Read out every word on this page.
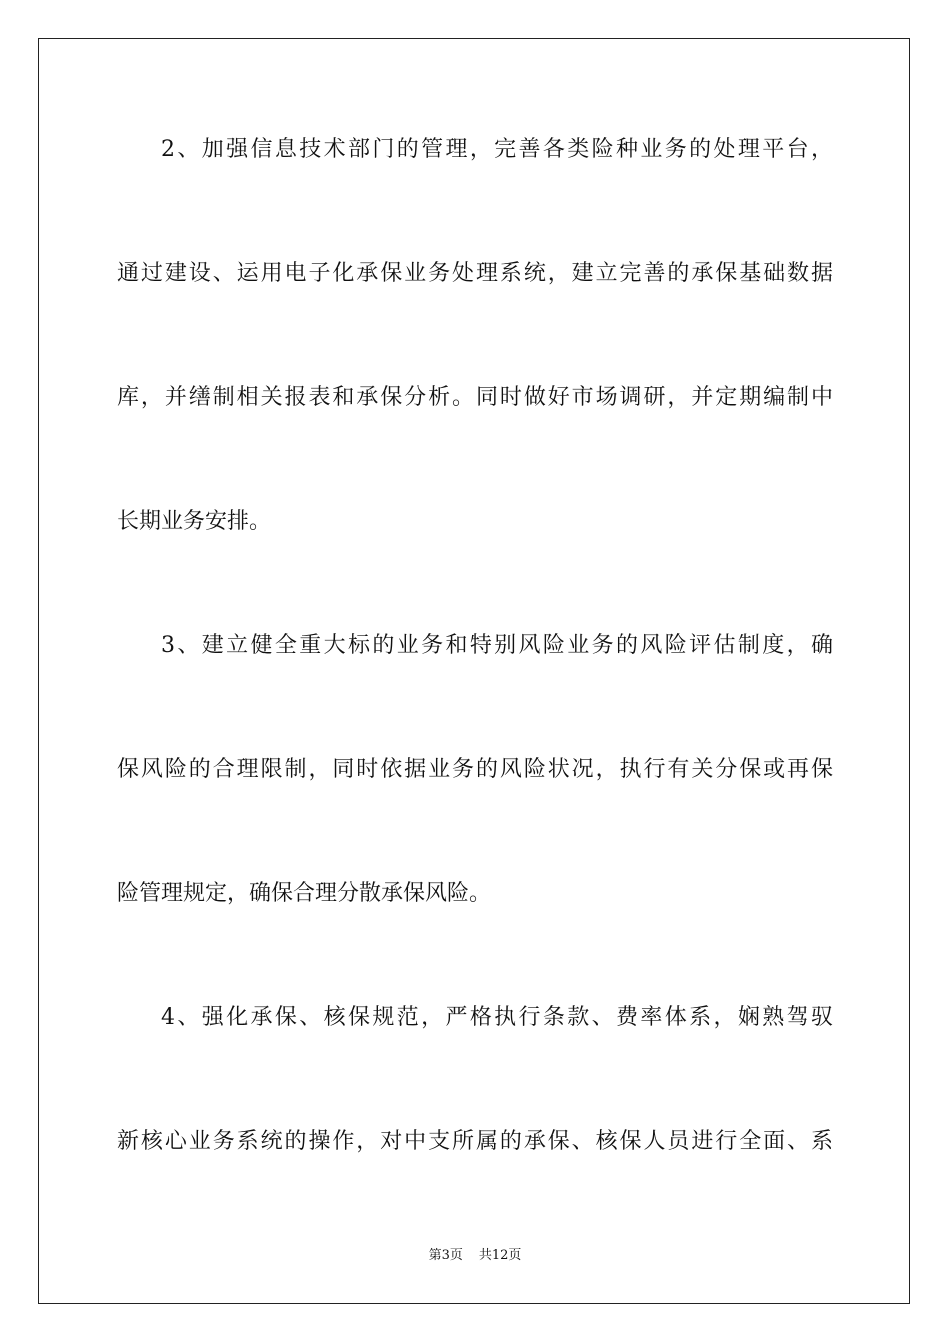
2、加强信息技术部门的管理，完善各类险种业务的处理平台，
通过建设、运用电子化承保业务处理系统，建立完善的承保基础数据
库，并缮制相关报表和承保分析。同时做好市场调研，并定期编制中
长期业务安排。
3、建立健全重大标的业务和特别风险业务的风险评估制度，确
保风险的合理限制，同时依据业务的风险状况，执行有关分保或再保
险管理规定，确保合理分散承保风险。
4、强化承保、核保规范，严格执行条款、费率体系，娴熟驾驭
新核心业务系统的操作，对中支所属的承保、核保人员进行全面、系
第3页 共12页
